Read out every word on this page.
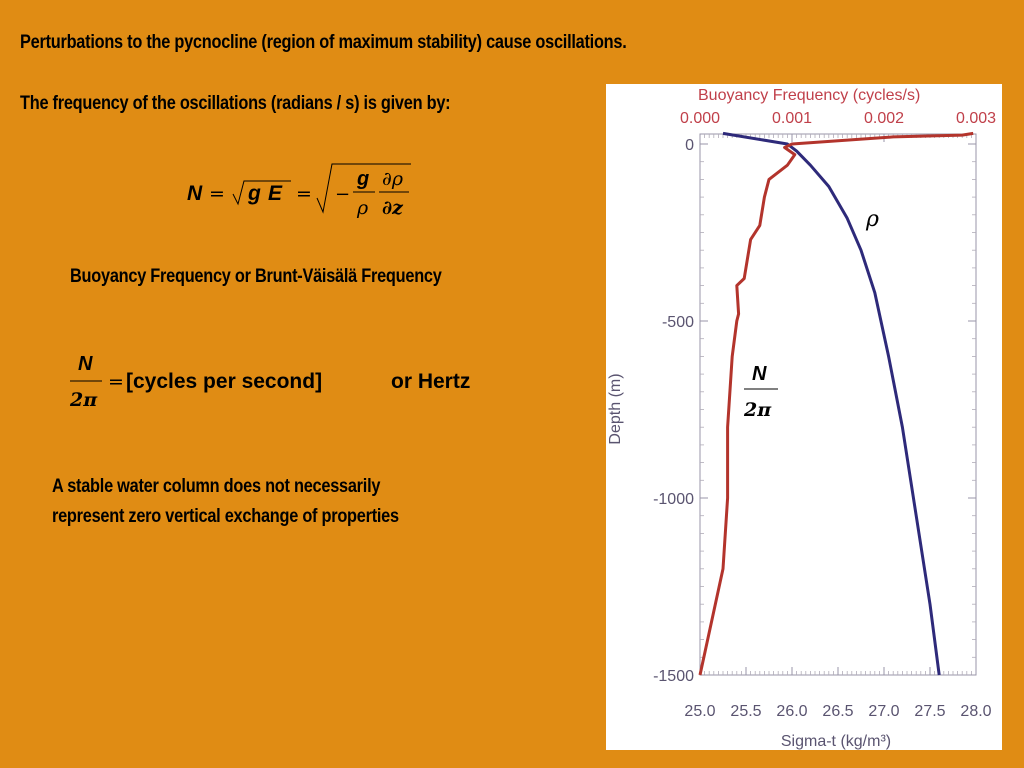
Perturbations to the pycnocline (region of maximum stability) cause oscillations.
The frequency of the oscillations (radians / s) is given by:
N = g E = −
g
ρ
∂ρ
∂z
Buoyancy Frequency or Brunt-Väisälä Frequency
N
2π
= [cycles per second]	or Hertz
A stable water column does not necessarily
represent zero vertical exchange of properties
Buoyancy Frequency (cycles/s)
0.000	0.001	0.002	0.003
25.0 25.5 26.0 26.5 27.0 27.5 28.0
Sigma-t (kg/m³)
0
-500
-1000
-1500
Depth (m)
ρ
N
2π
